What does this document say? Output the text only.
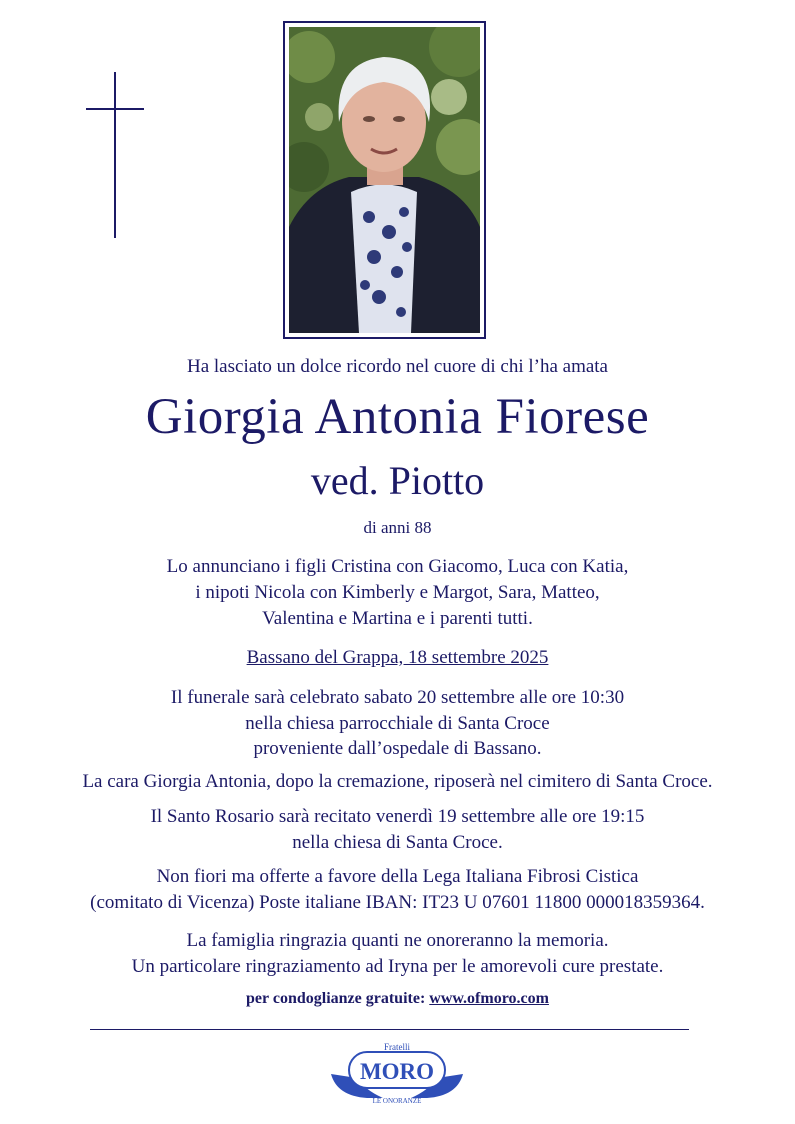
Ha lasciato un dolce ricordo nel cuore di chi l’ha amata
Giorgia Antonia Fiorese
ved. Piotto
di anni 88
Lo annunciano i figli Cristina con Giacomo, Luca con Katia,
i nipoti Nicola con Kimberly e Margot, Sara, Matteo,
Valentina e Martina e i parenti tutti.
Bassano del Grappa, 18 settembre 2025
Il funerale sarà celebrato sabato 20 settembre alle ore 10:30
nella chiesa parrocchiale di Santa Croce
proveniente dall’ospedale di Bassano.
La cara Giorgia Antonia, dopo la cremazione, riposerà nel cimitero di Santa Croce.
Il Santo Rosario sarà recitato venerdì 19 settembre alle ore 19:15
nella chiesa di Santa Croce.
Non fiori ma offerte a favore della Lega Italiana Fibrosi Cistica
(comitato di Vicenza) Poste italiane IBAN: IT23 U 07601 11800 000018359364.
La famiglia ringrazia quanti ne onoreranno la memoria.
Un particolare ringraziamento ad Iryna per le amorevoli cure prestate.
per condoglianze gratuite: www.ofmoro.com
Fratelli
MORO
LE ONORANZE
